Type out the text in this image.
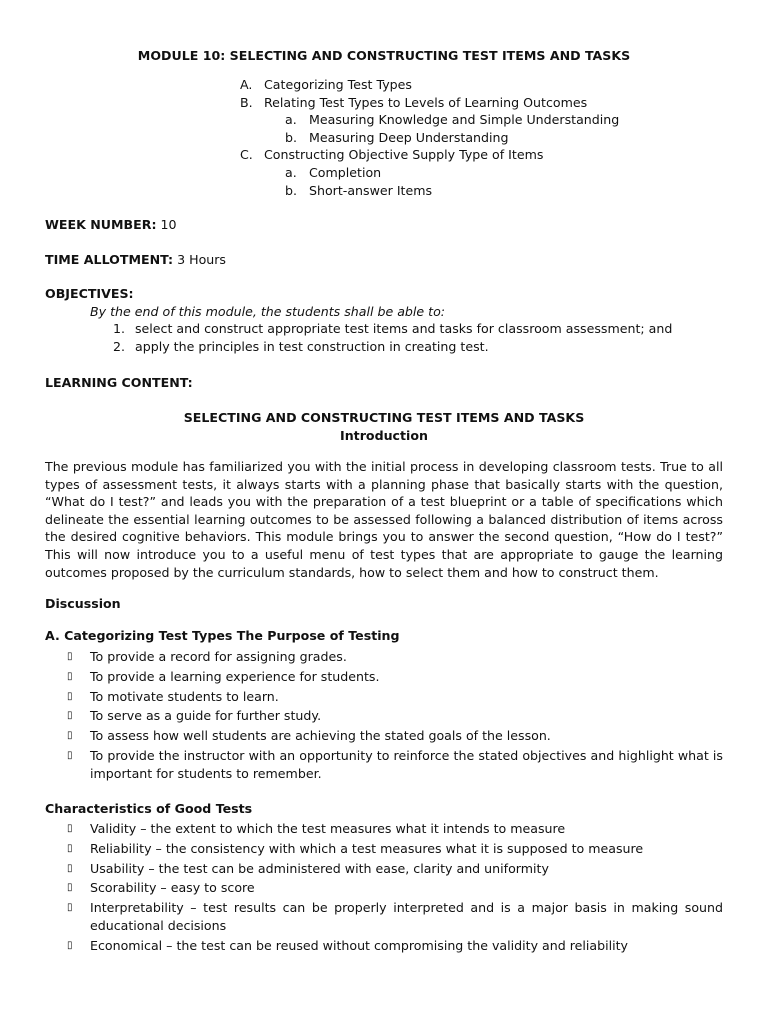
MODULE 10: SELECTING AND CONSTRUCTING TEST ITEMS AND TASKS
A. Categorizing Test Types
B. Relating Test Types to Levels of Learning Outcomes
a. Measuring Knowledge and Simple Understanding
b. Measuring Deep Understanding
C. Constructing Objective Supply Type of Items
a. Completion
b. Short-answer Items
WEEK NUMBER: 10
TIME ALLOTMENT: 3 Hours
OBJECTIVES:
By the end of this module, the students shall be able to:
1. select and construct appropriate test items and tasks for classroom assessment; and
2. apply the principles in test construction in creating test.
LEARNING CONTENT:
SELECTING AND CONSTRUCTING TEST ITEMS AND TASKS
Introduction
The previous module has familiarized you with the initial process in developing classroom tests. True to all types of assessment tests, it always starts with a planning phase that basically starts with the question, “What do I test?” and leads you with the preparation of a test blueprint or a table of specifications which delineate the essential learning outcomes to be assessed following a balanced distribution of items across the desired cognitive behaviors. This module brings you to answer the second question, “How do I test?” This will now introduce you to a useful menu of test types that are appropriate to gauge the learning outcomes proposed by the curriculum standards, how to select them and how to construct them.
Discussion
A. Categorizing Test Types The Purpose of Testing
▯ To provide a record for assigning grades.
▯ To provide a learning experience for students.
▯ To motivate students to learn.
▯ To serve as a guide for further study.
▯ To assess how well students are achieving the stated goals of the lesson.
▯ To provide the instructor with an opportunity to reinforce the stated objectives and highlight what is important for students to remember.
Characteristics of Good Tests
▯ Validity – the extent to which the test measures what it intends to measure
▯ Reliability – the consistency with which a test measures what it is supposed to measure
▯ Usability – the test can be administered with ease, clarity and uniformity
▯ Scorability – easy to score
▯ Interpretability – test results can be properly interpreted and is a major basis in making sound educational decisions
▯ Economical – the test can be reused without compromising the validity and reliability
